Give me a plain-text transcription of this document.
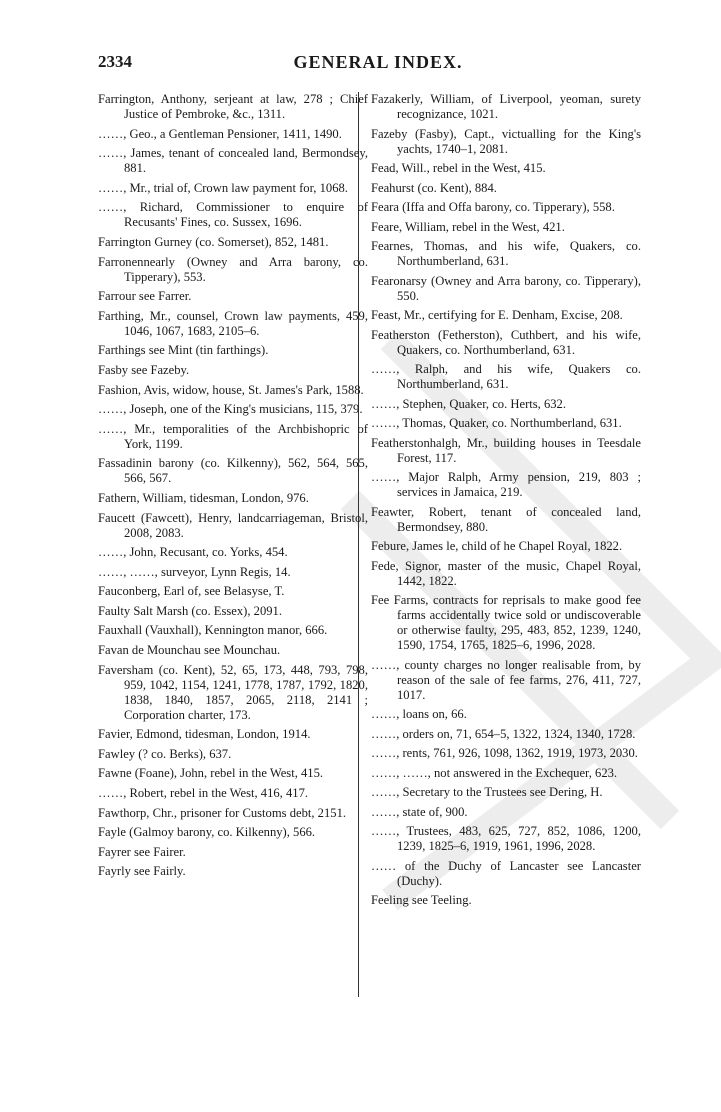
2334	GENERAL INDEX.

Farrington, Anthony, serjeant at law, 278 ; Chief Justice of Pembroke, &c., 1311.

……, Geo., a Gentleman Pensioner, 1411, 1490.

……, James, tenant of concealed land, Bermondsey, 881.

……, Mr., trial of, Crown law payment for, 1068.

……, Richard, Commissioner to enquire of Recusants' Fines, co. Sussex, 1696.

Farrington Gurney (co. Somerset), 852, 1481.

Farronennearly (Owney and Arra barony, co. Tipperary), 553.

Farrour see Farrer.

Farthing, Mr., counsel, Crown law payments, 459, 1046, 1067, 1683, 2105–6.

Farthings see Mint (tin farthings).

Fasby see Fazeby.

Fashion, Avis, widow, house, St. James's Park, 1588.

……, Joseph, one of the King's musicians, 115, 379.

……, Mr., temporalities of the Archbishopric of York, 1199.

Fassadinin barony (co. Kilkenny), 562, 564, 565, 566, 567.

Fathern, William, tidesman, London, 976.

Faucett (Fawcett), Henry, landcarriageman, Bristol, 2008, 2083.

……, John, Recusant, co. Yorks, 454.

……, ……, surveyor, Lynn Regis, 14.

Fauconberg, Earl of, see Belasyse, T.

Faulty Salt Marsh (co. Essex), 2091.

Fauxhall (Vauxhall), Kennington manor, 666.

Favan de Mounchau see Mounchau.

Faversham (co. Kent), 52, 65, 173, 448, 793, 798, 959, 1042, 1154, 1241, 1778, 1787, 1792, 1820, 1838, 1840, 1857, 2065, 2118, 2141 ; Corporation charter, 173.

Favier, Edmond, tidesman, London, 1914.

Fawley (? co. Berks), 637.

Fawne (Foane), John, rebel in the West, 415.

……, Robert, rebel in the West, 416, 417.

Fawthorp, Chr., prisoner for Customs debt, 2151.

Fayle (Galmoy barony, co. Kilkenny), 566.

Fayrer see Fairer.

Fayrly see Fairly.

Fazakerly, William, of Liverpool, yeoman, surety recognizance, 1021.

Fazeby (Fasby), Capt., victualling for the King's yachts, 1740–1, 2081.

Fead, Will., rebel in the West, 415.

Feahurst (co. Kent), 884.

Feara (Iffa and Offa barony, co. Tipperary), 558.

Feare, William, rebel in the West, 421.

Fearnes, Thomas, and his wife, Quakers, co. Northumberland, 631.

Fearonarsy (Owney and Arra barony, co. Tipperary), 550.

Feast, Mr., certifying for E. Denham, Excise, 208.

Featherston (Fetherston), Cuthbert, and his wife, Quakers, co. Northumberland, 631.

……, Ralph, and his wife, Quakers co. Northumberland, 631.

……, Stephen, Quaker, co. Herts, 632.

……, Thomas, Quaker, co. Northumberland, 631.

Featherstonhalgh, Mr., building houses in Teesdale Forest, 117.

……, Major Ralph, Army pension, 219, 803 ; services in Jamaica, 219.

Feawter, Robert, tenant of concealed land, Bermondsey, 880.

Febure, James le, child of he Chapel Royal, 1822.

Fede, Signor, master of the music, Chapel Royal, 1442, 1822.

Fee Farms, contracts for reprisals to make good fee farms accidentally twice sold or undiscoverable or otherwise faulty, 295, 483, 852, 1239, 1240, 1590, 1754, 1765, 1825–6, 1996, 2028.

……, county charges no longer realisable from, by reason of the sale of fee farms, 276, 411, 727, 1017.

……, loans on, 66.

……, orders on, 71, 654–5, 1322, 1324, 1340, 1728.

……, rents, 761, 926, 1098, 1362, 1919, 1973, 2030.

……, ……, not answered in the Exchequer, 623.

……, Secretary to the Trustees see Dering, H.

……, state of, 900.

……, Trustees, 483, 625, 727, 852, 1086, 1200, 1239, 1825–6, 1919, 1961, 1996, 2028.

…… of the Duchy of Lancaster see Lancaster (Duchy).

Feeling see Teeling.
